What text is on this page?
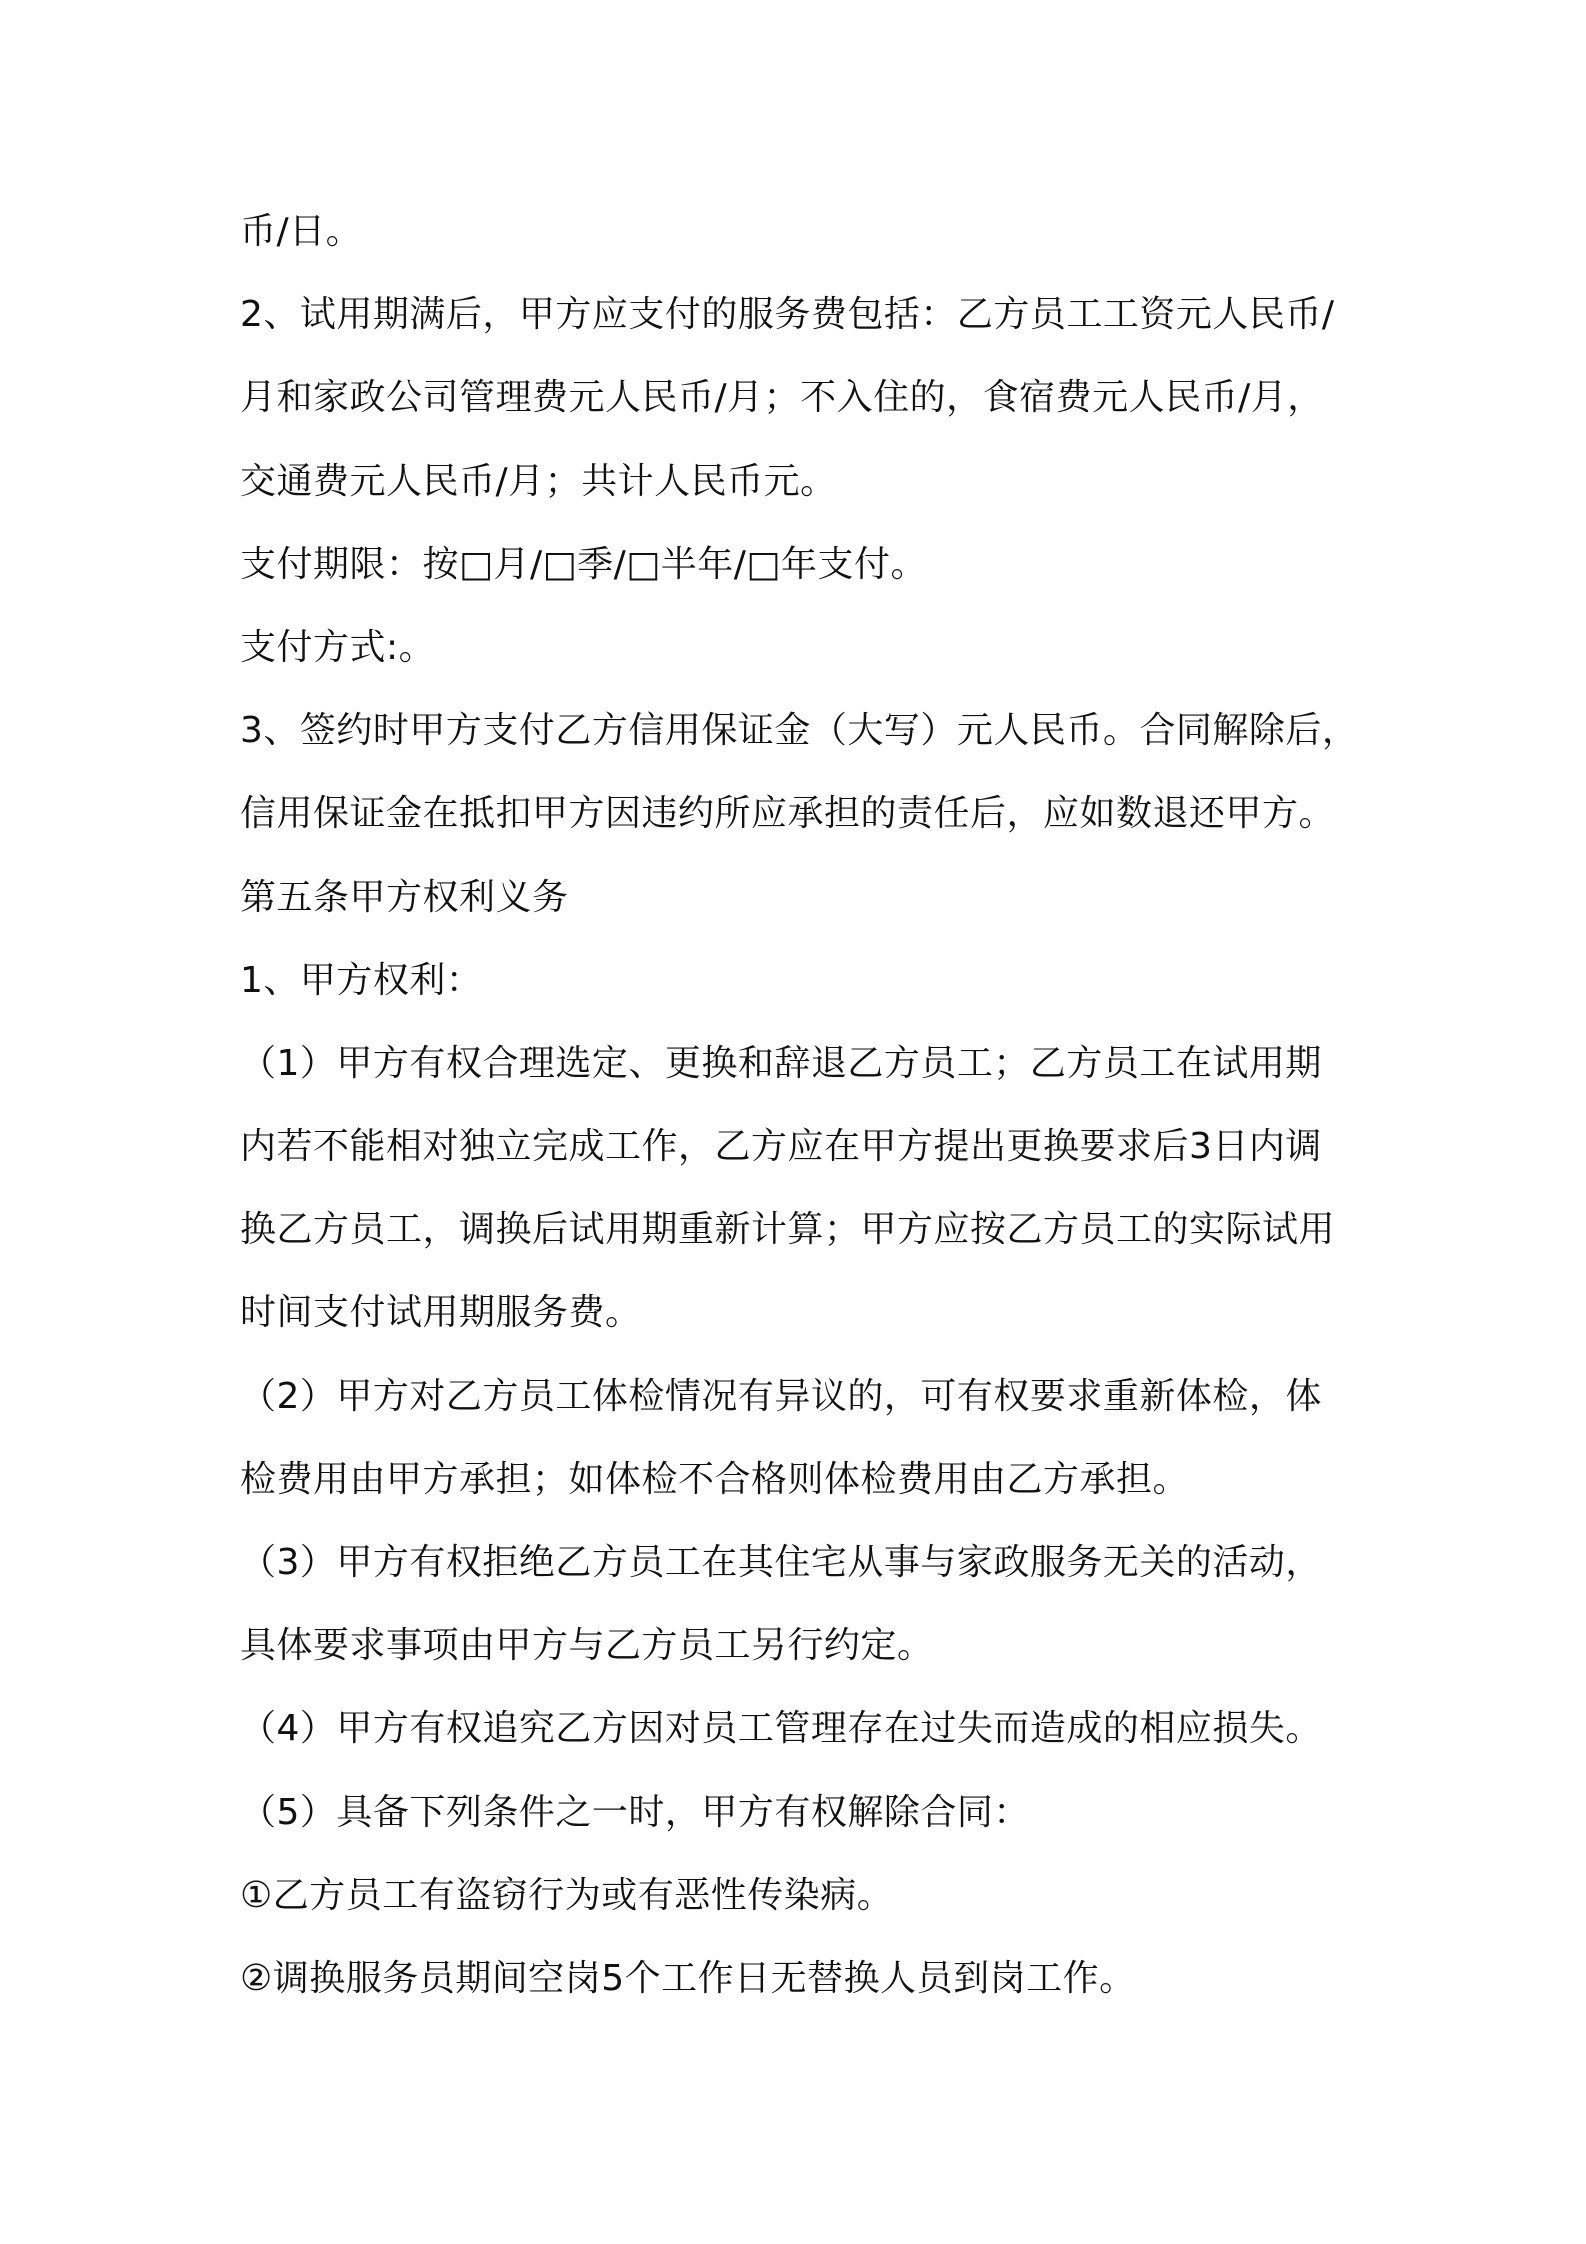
币/日。
2、试用期满后，甲方应支付的服务费包括：乙方员工工资元人民币/
月和家政公司管理费元人民币/月；不入住的，食宿费元人民币/月，
交通费元人民币/月；共计人民币元。
支付期限：按□月/□季/□半年/□年支付。
支付方式:。
3、签约时甲方支付乙方信用保证金（大写）元人民币。合同解除后，
信用保证金在抵扣甲方因违约所应承担的责任后，应如数退还甲方。
第五条甲方权利义务
1、甲方权利：
（1）甲方有权合理选定、更换和辞退乙方员工；乙方员工在试用期
内若不能相对独立完成工作，乙方应在甲方提出更换要求后3日内调
换乙方员工，调换后试用期重新计算；甲方应按乙方员工的实际试用
时间支付试用期服务费。
（2）甲方对乙方员工体检情况有异议的，可有权要求重新体检，体
检费用由甲方承担；如体检不合格则体检费用由乙方承担。
（3）甲方有权拒绝乙方员工在其住宅从事与家政服务无关的活动，
具体要求事项由甲方与乙方员工另行约定。
（4）甲方有权追究乙方因对员工管理存在过失而造成的相应损失。
（5）具备下列条件之一时，甲方有权解除合同：
①乙方员工有盗窃行为或有恶性传染病。
②调换服务员期间空岗5个工作日无替换人员到岗工作。
